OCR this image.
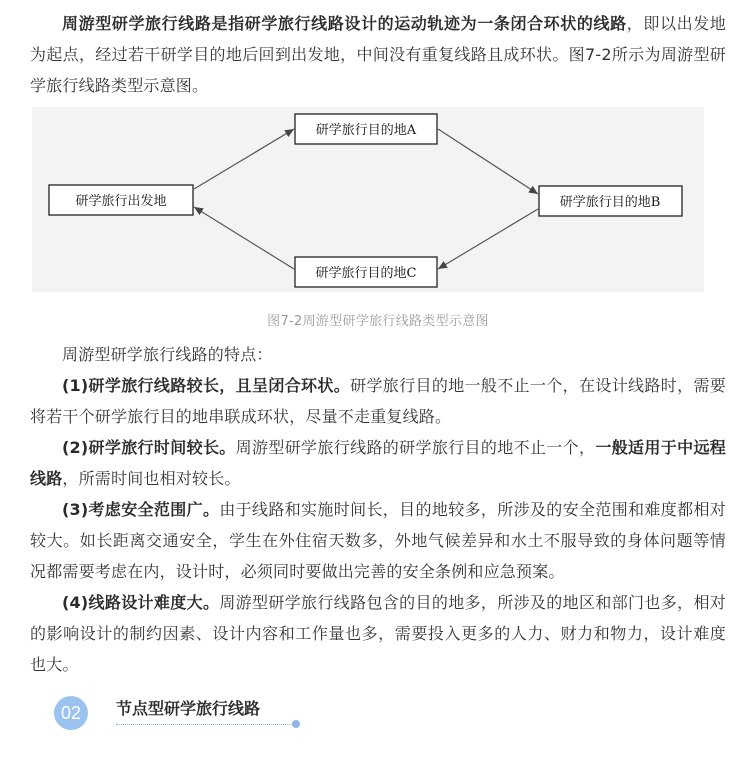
周游型研学旅行线路是指研学旅行线路设计的运动轨迹为一条闭合环状的线路，即以出发地为起点，经过若干研学目的地后回到出发地，中间没有重复线路且成环状。图7-2所示为周游型研学旅行线路类型示意图。

研学旅行出发地
研学旅行目的地A
研学旅行目的地B
研学旅行目的地C
图7-2周游型研学旅行线路类型示意图

周游型研学旅行线路的特点：

(1)研学旅行线路较长，且呈闭合环状。研学旅行目的地一般不止一个，在设计线路时，需要将若干个研学旅行目的地串联成环状，尽量不走重复线路。

(2)研学旅行时间较长。周游型研学旅行线路的研学旅行目的地不止一个，一般适用于中远程线路，所需时间也相对较长。

(3)考虑安全范围广。由于线路和实施时间长，目的地较多，所涉及的安全范围和难度都相对较大。如长距离交通安全，学生在外住宿天数多，外地气候差异和水土不服导致的身体问题等情况都需要考虑在内，设计时，必须同时要做出完善的安全条例和应急预案。

(4)线路设计难度大。周游型研学旅行线路包含的目的地多，所涉及的地区和部门也多，相对的影响设计的制约因素、设计内容和工作量也多，需要投入更多的人力、财力和物力，设计难度也大。

02	节点型研学旅行线路
